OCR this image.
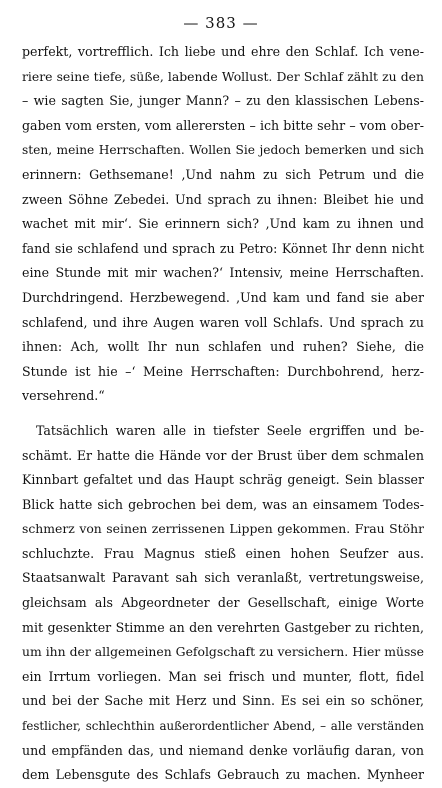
— 383 —
perfekt, vortrefflich. Ich liebe und ehre den Schlaf. Ich vene-
riere seine tiefe, süße, labende Wollust. Der Schlaf zählt zu den
– wie sagten Sie, junger Mann? – zu den klassischen Lebens-
gaben vom ersten, vom allerersten – ich bitte sehr – vom ober-
sten, meine Herrschaften. Wollen Sie jedoch bemerken und sich
erinnern: Gethsemane! ‚Und nahm zu sich Petrum und die
zween Söhne Zebedei. Und sprach zu ihnen: Bleibet hie und
wachet mit mir‘. Sie erinnern sich? ‚Und kam zu ihnen und
fand sie schlafend und sprach zu Petro: Könnet Ihr denn nicht
eine Stunde mit mir wachen?‘ Intensiv, meine Herrschaften.
Durchdringend. Herzbewegend. ‚Und kam und fand sie aber
schlafend, und ihre Augen waren voll Schlafs. Und sprach zu
ihnen: Ach, wollt Ihr nun schlafen und ruhen? Siehe, die
Stunde ist hie –‘ Meine Herrschaften: Durchbohrend, herz-
versehrend.“
Tatsächlich waren alle in tiefster Seele ergriffen und be-
schämt. Er hatte die Hände vor der Brust über dem schmalen
Kinnbart gefaltet und das Haupt schräg geneigt. Sein blasser
Blick hatte sich gebrochen bei dem, was an einsamem Todes-
schmerz von seinen zerrissenen Lippen gekommen. Frau Stöhr
schluchzte. Frau Magnus stieß einen hohen Seufzer aus.
Staatsanwalt Paravant sah sich veranlaßt, vertretungsweise,
gleichsam als Abgeordneter der Gesellschaft, einige Worte
mit gesenkter Stimme an den verehrten Gastgeber zu richten,
um ihn der allgemeinen Gefolgschaft zu versichern. Hier müsse
ein Irrtum vorliegen. Man sei frisch und munter, flott, fidel
und bei der Sache mit Herz und Sinn. Es sei ein so schöner,
festlicher, schlechthin außerordentlicher Abend, – alle verständen
und empfänden das, und niemand denke vorläufig daran, von
dem Lebensgute des Schlafs Gebrauch zu machen. Mynheer
